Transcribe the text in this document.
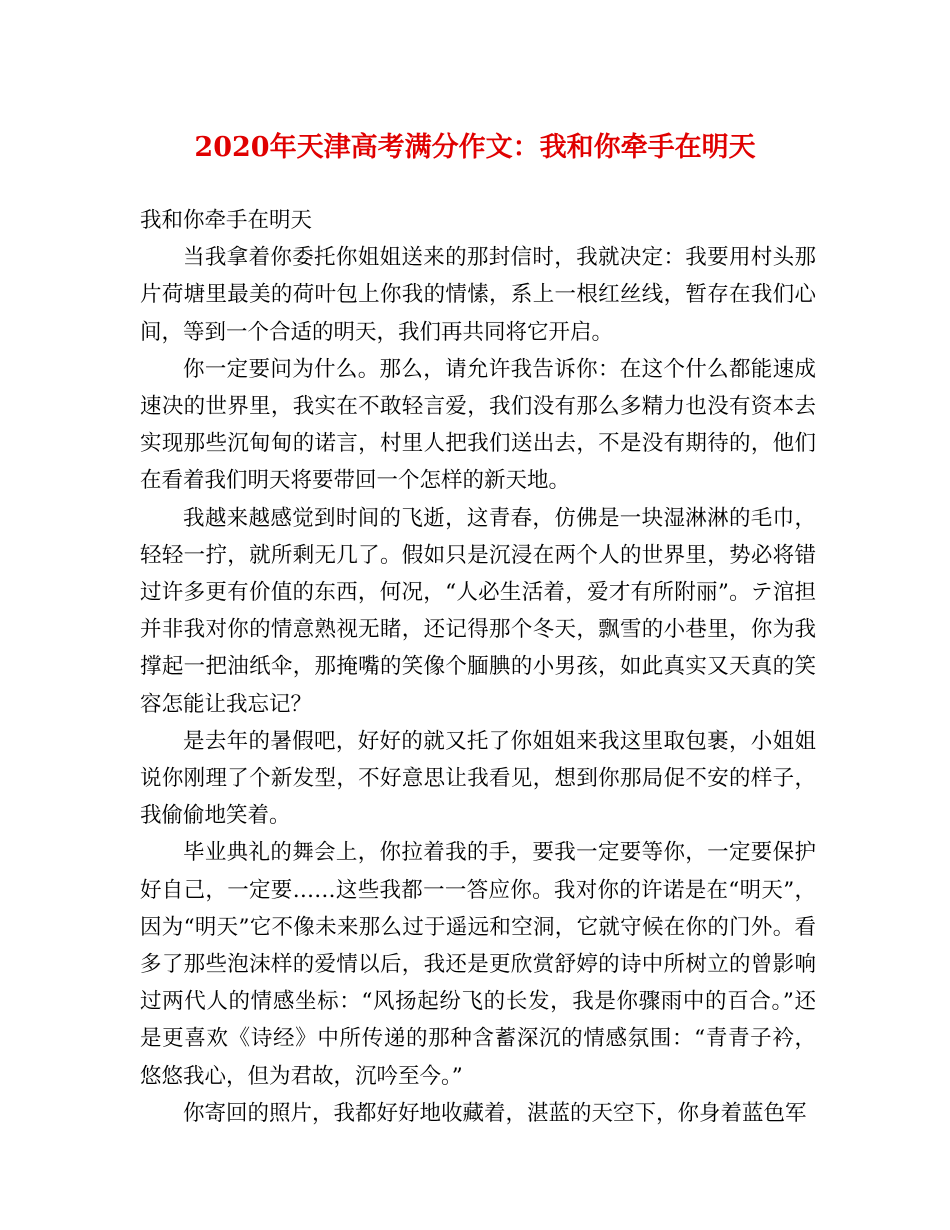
2020年天津高考满分作文：我和你牵手在明天

我和你牵手在明天

当我拿着你委托你姐姐送来的那封信时，我就决定：我要用村头那片荷塘里最美的荷叶包上你我的情愫，系上一根红丝线，暂存在我们心间，等到一个合适的明天，我们再共同将它开启。

你一定要问为什么。那么，请允许我告诉你：在这个什么都能速成速决的世界里，我实在不敢轻言爱，我们没有那么多精力也没有资本去实现那些沉甸甸的诺言，村里人把我们送出去，不是没有期待的，他们在看着我们明天将要带回一个怎样的新天地。

我越来越感觉到时间的飞逝，这青春，仿佛是一块湿淋淋的毛巾，轻轻一拧，就所剩无几了。假如只是沉浸在两个人的世界里，势必将错过许多更有价值的东西，何况，“人必生活着，爱才有所附丽”。テ涫担并非我对你的情意熟视无睹，还记得那个冬天，飘雪的小巷里，你为我撑起一把油纸伞，那掩嘴的笑像个腼腆的小男孩，如此真实又天真的笑容怎能让我忘记？

是去年的暑假吧，好好的就又托了你姐姐来我这里取包裹，小姐姐说你刚理了个新发型，不好意思让我看见，想到你那局促不安的样子，我偷偷地笑着。

毕业典礼的舞会上，你拉着我的手，要我一定要等你，一定要保护好自己，一定要……这些我都一一答应你。我对你的许诺是在“明天”，因为“明天”它不像未来那么过于遥远和空洞，它就守候在你的门外。看多了那些泡沫样的爱情以后，我还是更欣赏舒婷的诗中所树立的曾影响过两代人的情感坐标：“风扬起纷飞的长发，我是你骤雨中的百合。”还是更喜欢《诗经》中所传递的那种含蓄深沉的情感氛围：“青青子衿，悠悠我心，但为君故，沉吟至今。”

你寄回的照片，我都好好地收藏着，湛蓝的天空下，你身着蓝色军
